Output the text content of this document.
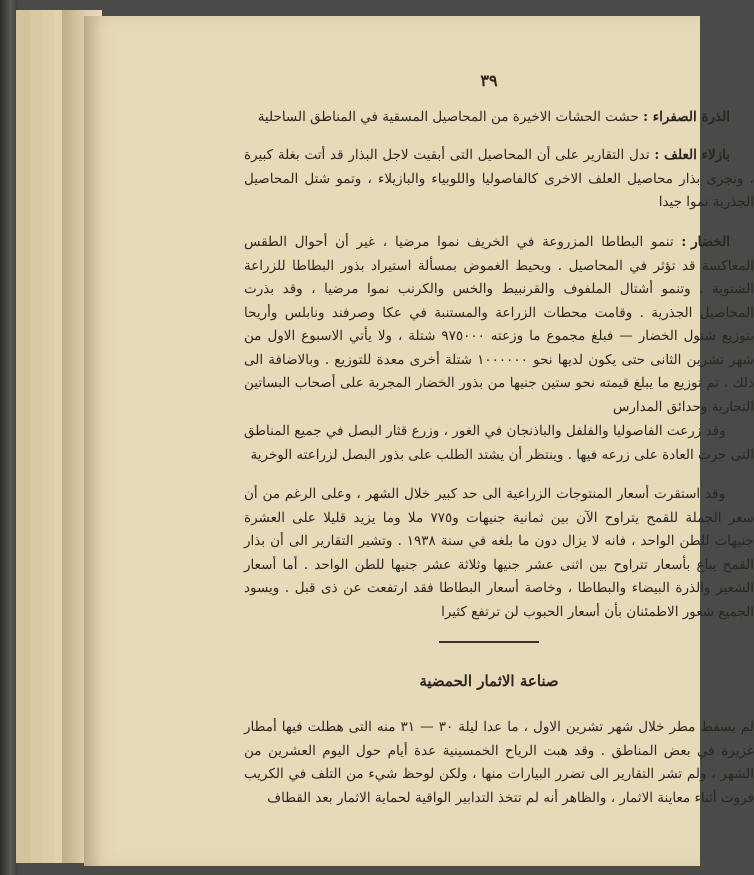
٣٩
الذرة الصفراء : حشت الحشات الاخيرة من المحاصيل المسقية في المناطق الساحلية
بازلاء العلف : تدل التقارير على أن المحاصيل التى أبقيت لاجل البذار قد أتت بغلة كبيرة ، وتجرى بذار محاصيل العلف الاخرى كالفاصوليا واللوبياء والبازيلاء ، وتمو شتل المحاصيل الجذرية نموا جيدا
الخضار : تنمو البطاطا المزروعة في الخريف نموا مرضيا ، غير أن أحوال الطقس المعاكسة قد تؤثر في المحاصيل . ويحيط الغموض بمسألة استيراد بذور البطاطا للزراعة الشتوية . وتنمو أشتال الملفوف والقرنبيط والخس والكرنب نموا مرضيا ، وقد بذرت المحاصيل الجذرية . وقامت محطات الزراعة والمستنبة في عكا وصرفند ونابلس وأريحا بتوزيع شتول الخضار — فبلغ مجموع ما وزعته ٩٧٥٠٠٠ شتلة ، ولا يأتي الاسبوع الاول من شهر تشرين الثانى حتى يكون لديها نحو ١٠٠٠٠٠٠ شتلة أخرى معدة للتوزيع . وبالاضافة الى ذلك ، تم توزيع ما يبلغ قيمته نحو ستين جنيها من بذور الخضار المجربة على أصحاب البساتين التجارية وحدائق المدارس
وقد زرعت الفاصوليا والفلفل والباذنجان في الغور ، وزرع قثار البصل في جميع المناطق التى جرت العادة على زرعه فيها . وينتظر أن يشتد الطلب على بذور البصل لزراعته الوخرية
وقد استقرت أسعار المنتوجات الزراعية الى حد كبير خلال الشهر ، وعلى الرغم من أن سعر الجملة للقمح يتراوح الآن بين ثمانية جنيهات و٧٧٥ ملا وما يزيد قليلا على العشرة جنيهات للطن الواحد ، فانه لا يزال دون ما بلغه في سنة ١٩٣٨ . وتشير التقارير الى أن بذار القمح يباع بأسعار تتراوح بين اثنى عشر جنيها وثلاثة عشر جنيها للطن الواحد . أما أسعار الشعير والذرة البيضاء والبطاطا ، وخاصة أسعار البطاطا فقد ارتفعت عن ذى قبل . ويسود الجميع شعور الاطمئنان بأن أسعار الحبوب لن ترتفع كثيرا
صناعة الاثمار الحمضية
لم يسقط مطر خلال شهر تشرين الاول ، ما عدا ليلة ٣٠ — ٣١ منه التى هطلت فيها أمطار غزيرة في بعض المناطق . وقد هبت الرياح الخمسينية عدة أيام حول اليوم العشرين من الشهر ، ولم تشر التقارير الى تضرر البيارات منها ، ولكن لوحظ شيء من التلف في الكريب فروت أثناء معاينة الاثمار ، والظاهر أنه لم تتخذ التدابير الواقية لحماية الاثمار بعد القطاف
